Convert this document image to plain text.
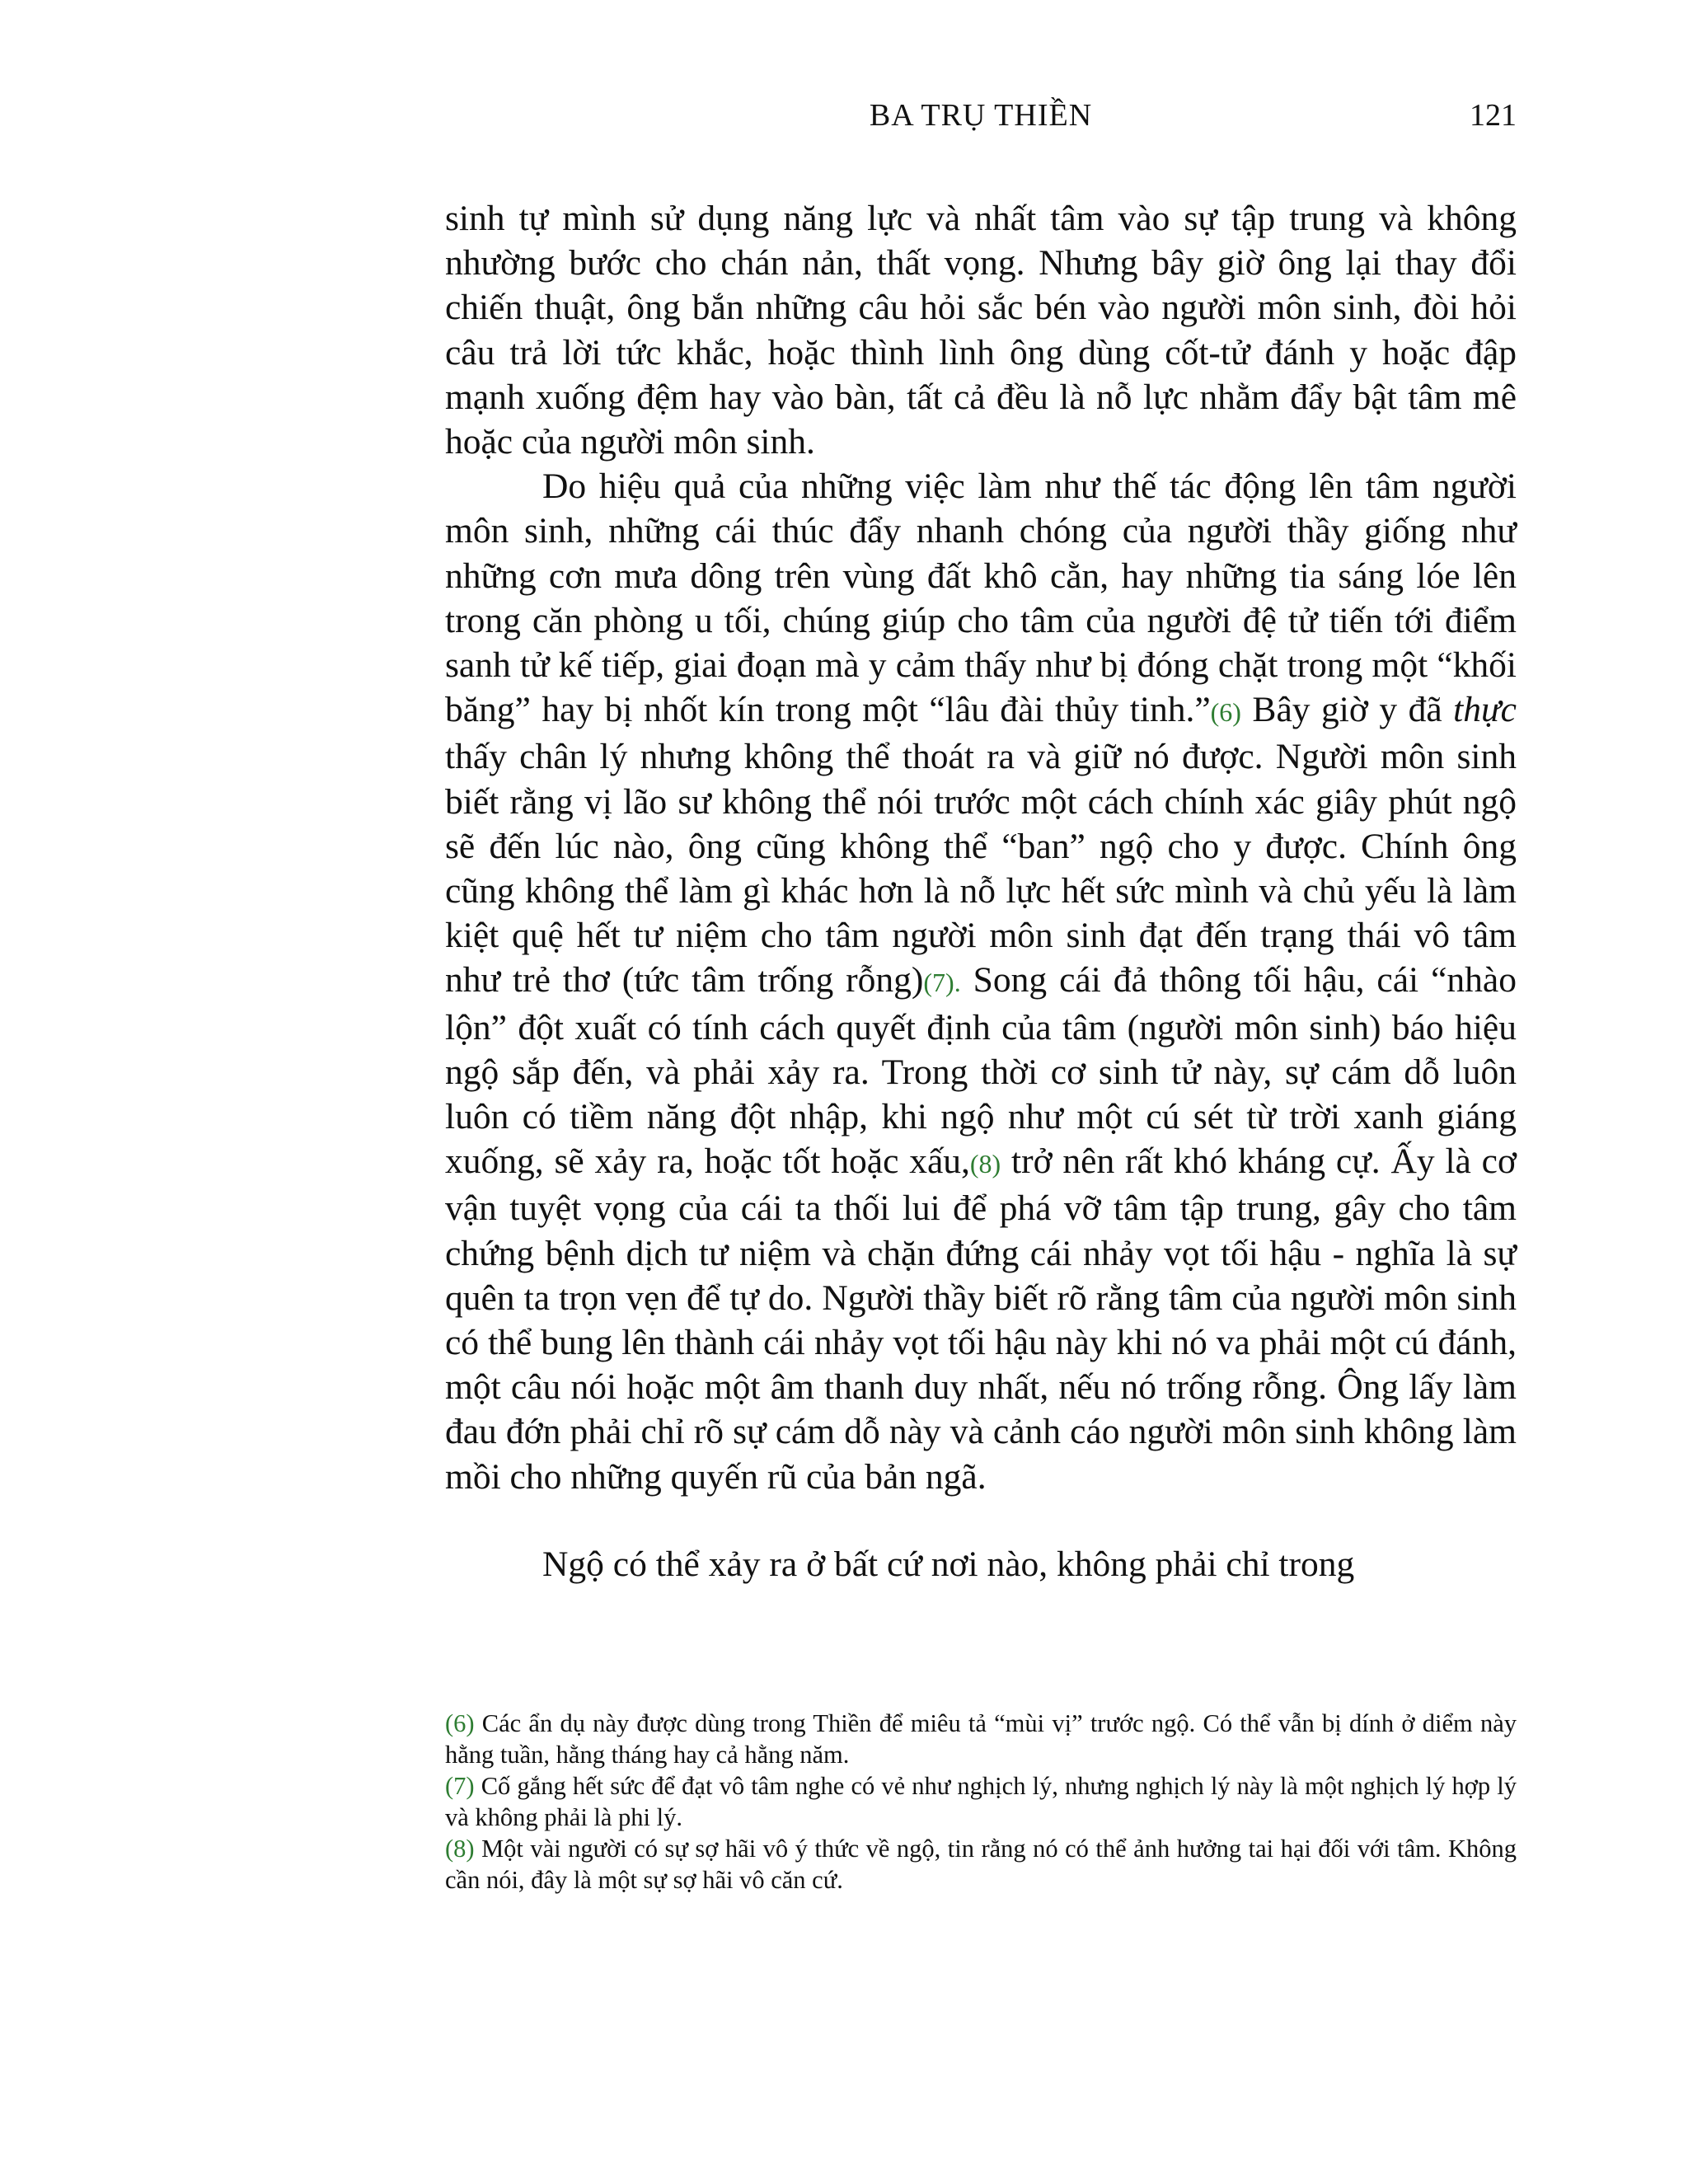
BA TRỤ THIỀN	121

sinh tự mình sử dụng năng lực và nhất tâm vào sự tập trung và không nhường bước cho chán nản, thất vọng. Nhưng bây giờ ông lại thay đổi chiến thuật, ông bắn những câu hỏi sắc bén vào người môn sinh, đòi hỏi câu trả lời tức khắc, hoặc thình lình ông dùng cốt-tử đánh y hoặc đập mạnh xuống đệm hay vào bàn, tất cả đều là nỗ lực nhằm đẩy bật tâm mê hoặc của người môn sinh.

Do hiệu quả của những việc làm như thế tác động lên tâm người môn sinh, những cái thúc đẩy nhanh chóng của người thầy giống như những cơn mưa dông trên vùng đất khô cằn, hay những tia sáng lóe lên trong căn phòng u tối, chúng giúp cho tâm của người đệ tử tiến tới điểm sanh tử kế tiếp, giai đoạn mà y cảm thấy như bị đóng chặt trong một “khối băng” hay bị nhốt kín trong một “lâu đài thủy tinh.”(6) Bây giờ y đã thực thấy chân lý nhưng không thể thoát ra và giữ nó được. Người môn sinh biết rằng vị lão sư không thể nói trước một cách chính xác giây phút ngộ sẽ đến lúc nào, ông cũng không thể “ban” ngộ cho y được. Chính ông cũng không thể làm gì khác hơn là nỗ lực hết sức mình và chủ yếu là làm kiệt quệ hết tư niệm cho tâm người môn sinh đạt đến trạng thái vô tâm như trẻ thơ (tức tâm trống rỗng)(7). Song cái đả thông tối hậu, cái “nhào lộn” đột xuất có tính cách quyết định của tâm (người môn sinh) báo hiệu ngộ sắp đến, và phải xảy ra. Trong thời cơ sinh tử này, sự cám dỗ luôn luôn có tiềm năng đột nhập, khi ngộ như một cú sét từ trời xanh giáng xuống, sẽ xảy ra, hoặc tốt hoặc xấu,(8) trở nên rất khó kháng cự. Ấy là cơ vận tuyệt vọng của cái ta thối lui để phá vỡ tâm tập trung, gây cho tâm chứng bệnh dịch tư niệm và chặn đứng cái nhảy vọt tối hậu - nghĩa là sự quên ta trọn vẹn để tự do. Người thầy biết rõ rằng tâm của người môn sinh có thể bung lên thành cái nhảy vọt tối hậu này khi nó va phải một cú đánh, một câu nói hoặc một âm thanh duy nhất, nếu nó trống rỗng. Ông lấy làm đau đớn phải chỉ rõ sự cám dỗ này và cảnh cáo người môn sinh không làm mồi cho những quyến rũ của bản ngã.

Ngộ có thể xảy ra ở bất cứ nơi nào, không phải chỉ trong

(6) Các ẩn dụ này được dùng trong Thiền để miêu tả “mùi vị” trước ngộ. Có thể vẫn bị dính ở diểm này hằng tuần, hằng tháng hay cả hằng năm.

(7) Cố gắng hết sức để đạt vô tâm nghe có vẻ như nghịch lý, nhưng nghịch lý này là một nghịch lý hợp lý và không phải là phi lý.

(8) Một vài người có sự sợ hãi vô ý thức về ngộ, tin rằng nó có thể ảnh hưởng tai hại đối với tâm. Không cần nói, đây là một sự sợ hãi vô căn cứ.
